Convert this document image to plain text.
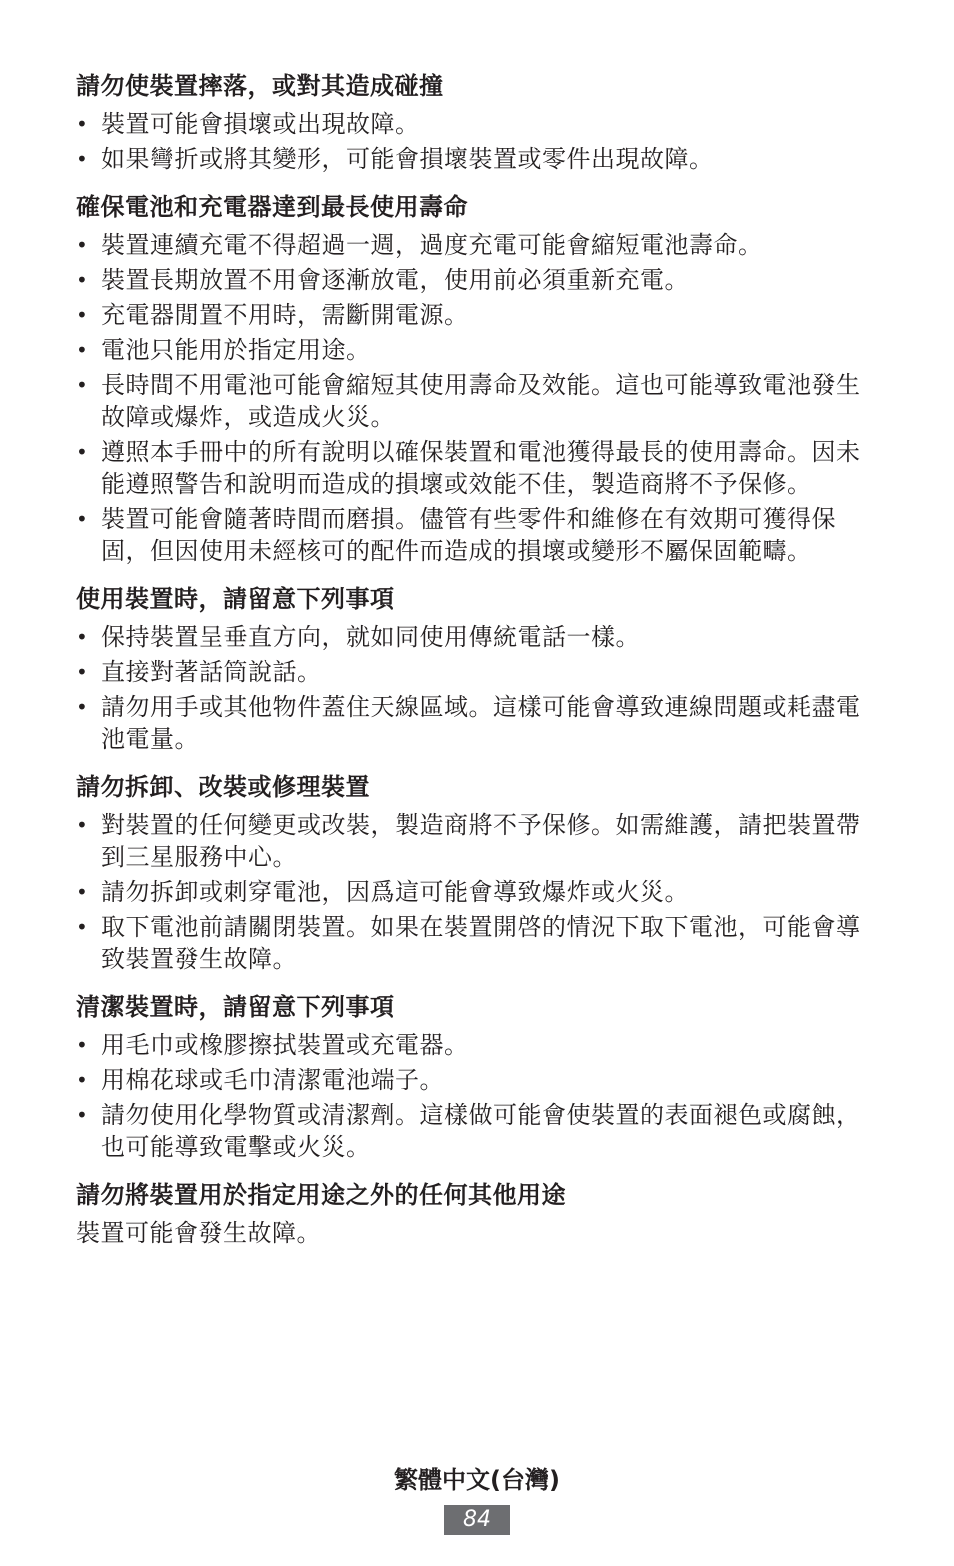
請勿使裝置摔落，或對其造成碰撞
• 裝置可能會損壞或出現故障。
• 如果彎折或將其變形，可能會損壞裝置或零件出現故障。
確保電池和充電器達到最長使用壽命
• 裝置連續充電不得超過一週，過度充電可能會縮短電池壽命。
• 裝置長期放置不用會逐漸放電，使用前必須重新充電。
• 充電器閒置不用時，需斷開電源。
• 電池只能用於指定用途。
• 長時間不用電池可能會縮短其使用壽命及效能。這也可能導致電池發生故障或爆炸，或造成火災。
• 遵照本手冊中的所有說明以確保裝置和電池獲得最長的使用壽命。因未能遵照警告和說明而造成的損壞或效能不佳，製造商將不予保修。
• 裝置可能會隨著時間而磨損。儘管有些零件和維修在有效期可獲得保固，但因使用未經核可的配件而造成的損壞或變形不屬保固範疇。
使用裝置時，請留意下列事項
• 保持裝置呈垂直方向，就如同使用傳統電話一樣。
• 直接對著話筒說話。
• 請勿用手或其他物件蓋住天線區域。這樣可能會導致連線問題或耗盡電池電量。
請勿拆卸、改裝或修理裝置
• 對裝置的任何變更或改裝，製造商將不予保修。如需維護，請把裝置帶到三星服務中心。
• 請勿拆卸或刺穿電池，因爲這可能會導致爆炸或火災。
• 取下電池前請關閉裝置。如果在裝置開啓的情況下取下電池，可能會導致裝置發生故障。
清潔裝置時，請留意下列事項
• 用毛巾或橡膠擦拭裝置或充電器。
• 用棉花球或毛巾清潔電池端子。
• 請勿使用化學物質或清潔劑。這樣做可能會使裝置的表面褪色或腐蝕，也可能導致電擊或火災。
請勿將裝置用於指定用途之外的任何其他用途

裝置可能會發生故障。

繁體中文(台灣)
84
